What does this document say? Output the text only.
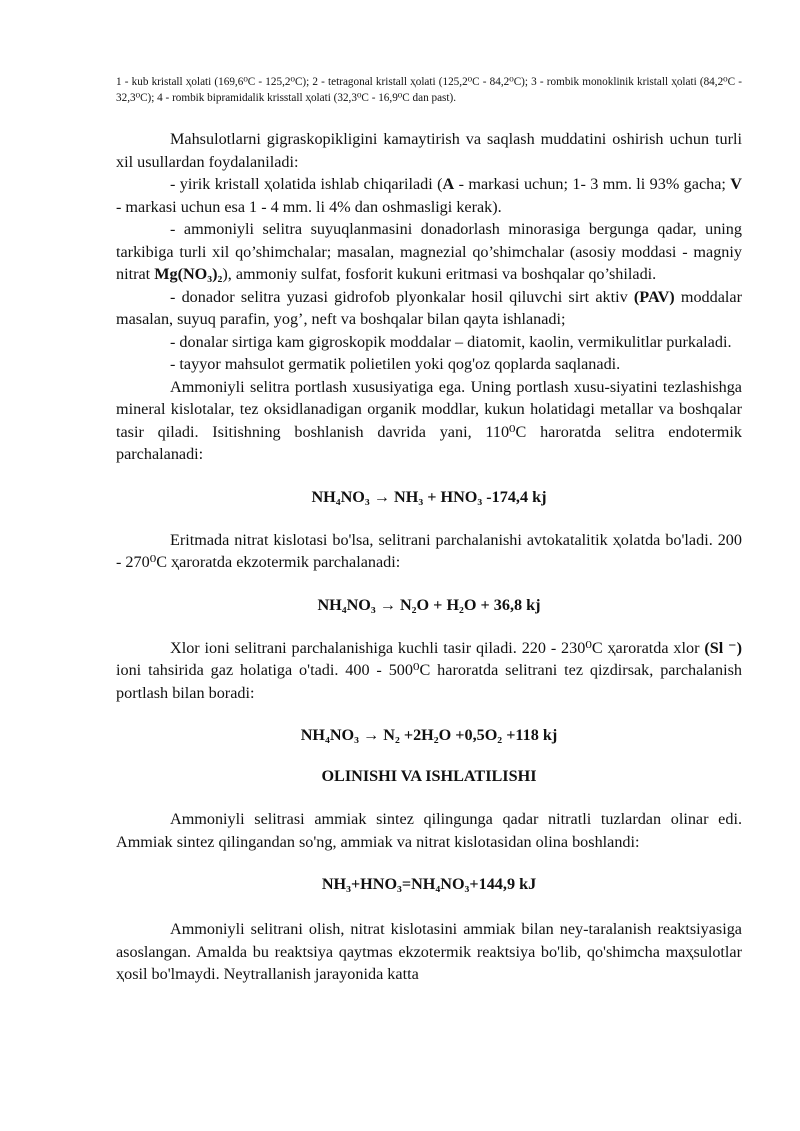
1 - kub kristall ҳolati (169,6⁰C - 125,2⁰C); 2 - tetragonal kristall ҳolati (125,2⁰C - 84,2⁰C); 3 - rombik monoklinik kristall ҳolati (84,2⁰C - 32,3⁰C); 4 - rombik bipramidalik krisstall ҳolati (32,3⁰C - 16,9⁰C dan past).

Mahsulotlarni gigraskopikligini kamaytirish va saqlash muddatini oshirish uchun turli xil usullardan foydalaniladi:

- yirik kristall ҳolatida ishlab chiqariladi (A - markasi uchun; 1- 3 mm. li 93% gacha; V - markasi uchun esa 1 - 4 mm. li 4% dan oshmasligi kerak).

- ammoniyli selitra suyuqlanmasini donadorlash minorasiga bergunga qadar, uning tarkibiga turli xil qo’shimchalar; masalan, magnezial qo’shimchalar (asosiy moddasi - magniy nitrat Mg(NO₃)₂), ammoniy sulfat, fosforit kukuni eritmasi va boshqalar qo’shiladi.

- donador selitra yuzasi gidrofob plyonkalar hosil qiluvchi sirt aktiv (PAV) moddalar masalan, suyuq parafin, yog’, neft va boshqalar bilan qayta ishlanadi;

- donalar sirtiga kam gigroskopik moddalar – diatomit, kaolin, vermikulitlar purkaladi.

- tayyor mahsulot germatik polietilen yoki qog'oz qoplarda saqlanadi.

Ammoniyli selitra portlash xususiyatiga ega. Uning portlash xusu-siyatini tezlashishga mineral kislotalar, tez oksidlanadigan organik moddlar, kukun holatidagi metallar va boshqalar tasir qiladi. Isitishning boshlanish davrida yani, 110⁰C haroratda selitra endotermik parchalanadi:

NH₄NO₃ → NH₃ + HNO₃ -174,4 kj

Eritmada nitrat kislotasi bo'lsa, selitrani parchalanishi avtokatalitik ҳolatda bo'ladi. 200 - 270⁰C ҳaroratda ekzotermik parchalanadi:

NH₄NO₃ → N₂O + H₂O + 36,8 kj

Xlor ioni selitrani parchalanishiga kuchli tasir qiladi. 220 - 230⁰C ҳaroratda xlor (Sl ⁻) ioni tahsirida gaz holatiga o'tadi. 400 - 500⁰C haroratda selitrani tez qizdirsak, parchalanish portlash bilan boradi:

NH₄NO₃ → N₂ +2H₂O +0,5O₂ +118 kj

OLINISHI VA ISHLATILISHI

Ammoniyli selitrasi ammiak sintez qilingunga qadar nitratli tuzlardan olinar edi. Ammiak sintez qilingandan so'ng, ammiak va nitrat kislotasidan olina boshlandi:

NH₃+HNO₃=NH₄NO₃+144,9 kJ

Ammoniyli selitrani olish, nitrat kislotasini ammiak bilan ney-taralanish reaktsiyasiga asoslangan. Amalda bu reaktsiya qaytmas ekzotermik reaktsiya bo'lib, qo'shimcha maҳsulotlar ҳosil bo'lmaydi. Neytrallanish jarayonida katta
